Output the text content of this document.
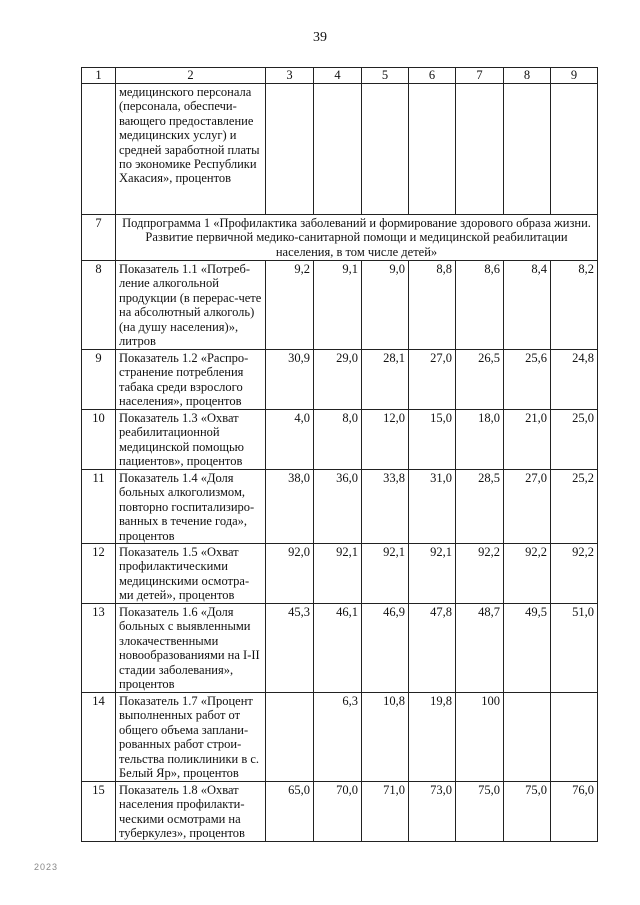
39
1	2	3	4	5	6	7	8	9
	медицинского персонала (персонала, обеспечи-вающего предоставление медицинских услуг) и средней заработной платы по экономике Республики Хакасия», процентов							
7	Подпрограмма 1 «Профилактика заболеваний и формирование здорового образа жизни. Развитие первичной медико-санитарной помощи и медицинской реабилитации населения, в том числе детей»							
8	Показатель 1.1 «Потреб-ление алкогольной продукции (в перерас-чете на абсолютный алкоголь) (на душу населения)», литров	9,2	9,1	9,0	8,8	8,6	8,4	8,2
9	Показатель 1.2 «Распро-странение потребления табака среди взрослого населения», процентов	30,9	29,0	28,1	27,0	26,5	25,6	24,8
10	Показатель 1.3 «Охват реабилитационной медицинской помощью пациентов», процентов	4,0	8,0	12,0	15,0	18,0	21,0	25,0
11	Показатель 1.4 «Доля больных алкоголизмом, повторно госпитализиро-ванных в течение года», процентов	38,0	36,0	33,8	31,0	28,5	27,0	25,2
12	Показатель 1.5 «Охват профилактическими медицинскими осмотра-ми детей», процентов	92,0	92,1	92,1	92,1	92,2	92,2	92,2
13	Показатель 1.6 «Доля больных с выявленными злокачественными новообразованиями на I-II стадии заболевания», процентов	45,3	46,1	46,9	47,8	48,7	49,5	51,0
14	Показатель 1.7 «Процент выполненных работ от общего объема заплани-рованных работ строи-тельства поликлиники в с. Белый Яр», процентов		6,3	10,8	19,8	100		
15	Показатель 1.8 «Охват населения профилакти-ческими осмотрами на туберкулез», процентов	65,0	70,0	71,0	73,0	75,0	75,0	76,0
2023
